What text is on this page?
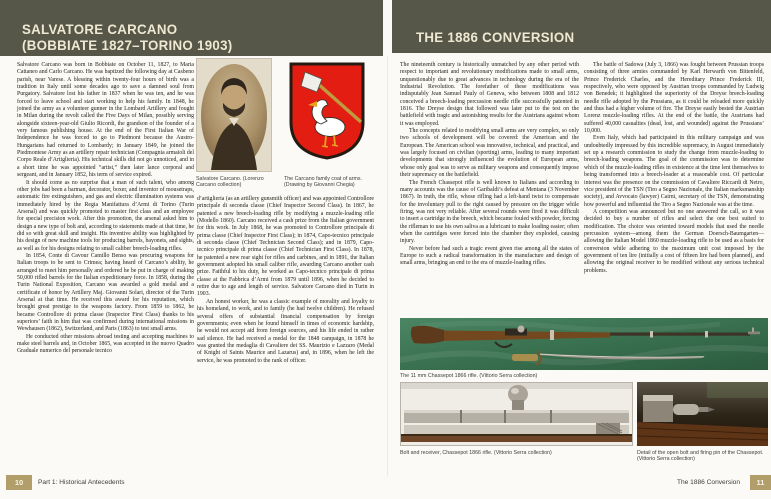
SALVATORE CARCANO
(BOBBIATE 1827–TORINO 1903)	THE 1886 CONVERSION

Salvatore Carcano was born in Bobbiate on October 11, 1827, to Maria Cattaneo and Carlo Carcano. He was baptized the following day at Casbeno parish, near Varese. A blessing within twenty-four hours of birth was a tradition in Italy until some decades ago to save a damned soul from Purgatory. Salvatore lost his father in 1837 when he was ten, and he was forced to leave school and start working to help his family. In 1848, he joined the army as a volunteer gunner in the Lombard Artillery and fought in Milan during the revolt called the Five Days of Milan, possibly serving alongside sixteen-year-old Giulio Ricordi, the grandson of the founder of a very famous publishing house. At the end of the First Italian War of Independence he was forced to go to Piedmont because the Austro-Hungarians had returned to Lombardy; in January 1849, he joined the Piedmontese Army as an artillery repair technician (Compagnia armaioli del Corpo Reale d’Artiglieria). His technical skills did not go unnoticed, and in a short time he was appointed “artist,” then later lance corporal and sergeant, and in January 1852, his term of service expired.

It should come as no surprise that a man of such talent, who among other jobs had been a barman, decorator, boxer, and inventor of mousetraps, automatic fire extinguishers, and gas and electric illumination systems was immediately hired by the Regia Manifattura d’Armi di Torino (Turin Arsenal) and was quickly promoted to master first class and an employee for special precision work. After this promotion, the arsenal asked him to design a new type of bolt and, according to statements made at that time, he did so with great skill and insight. His inventive ability was highlighted by his design of new machine tools for producing barrels, bayonets, and sights, as well as for his designs relating to small caliber breech-loading rifles.

In 1854, Conte di Cavour Camillo Benso was procuring weapons for Italian troops to be sent to Crimea; having heard of Carcano’s ability, he arranged to meet him personally and ordered he be put in charge of making 50,000 rifled barrels for the Italian expeditionary force. In 1858, during the Turin National Exposition, Carcano was awarded a gold medal and a certificate of honor by Artillery Maj. Giovanni Solari, director of the Turin Arsenal at that time. He received this award for his reputation, which brought great prestige to the weapons factory. From 1859 to 1862, he became Controllore di prima classe (Inspector First Class) thanks to his superiors’ faith in him that was confirmed during international missions in Wewhausen (1862), Switzerland, and Paris (1863) to test small arms.

He conducted other missions abroad testing and accepting machines to make steel barrels and, in October 1865, was accepted in the nuovo Quadro Graduale numerico del personale tecnico

Salvatore Carcano. (Lorenzo Carcano collection)
The Carcano family coat of arms. (Drawing by Giovanni Chegia)

d’artiglieria (as an artillery gunsmith officer) and was appointed Controllore principale di seconda classe (Chief Inspector Second Class). In 1867, he patented a new breech-loading rifle by modifying a muzzle-loading rifle (Modello 1860). Carcano received a cash prize from the Italian government for this work. In July 1868, he was promoted to Controllore principale di prima classe (Chief Inspector First Class); in 1874, Capo-tecnico principale di seconda classe (Chief Technician Second Class); and in 1879, Capo-tecnico principale di prima classe (Chief Technician First Class). In 1878, he patented a new rear sight for rifles and carbines, and in 1891, the Italian government adopted his small caliber rifle, awarding Carcano another cash prize. Faithful to his duty, he worked as Capo-tecnico principale di prima classe at the Fabbrica d’Armi from 1879 until 1896, when he decided to retire due to age and length of service. Salvatore Carcano died in Turin in 1903.

An honest worker, he was a classic example of morality and loyalty to his homeland, to work, and to family (he had twelve children). He refused several offers of substantial financial compensation by foreign governments; even when he found himself in times of economic hardship, he would not accept aid from foreign sources, and his life ended in rather sad silence. He had received a medal for the 1848 campaign, in 1878 he was granted the medaglia di Cavaliere dei SS. Maurizio e Lazzaro (Medal of Knight of Saints Maurice and Lazarus) and, in 1896, when he left the service, he was promoted to the rank of officer.

The nineteenth century is historically unmatched by any other period with respect to important and revolutionary modifications made to small arms, unquestionably due to great advances in technology during the era of the Industrial Revolution. The forefather of these modifications was indisputably Jean Samuel Pauly of Geneva, who between 1808 and 1812 conceived a breech-loading percussion needle rifle successfully patented in 1816. The Dreyse design that followed was later put to the test on the battlefield with tragic and astonishing results for the Austrians against whom it was employed.

The concepts related to modifying small arms are very complex, so only two schools of development will be covered: the American and the European. The American school was innovative, technical, and practical, and was largely focused on civilian (sporting) arms, leading to many important developments that strongly influenced the evolution of European arms, whose only goal was to serve as military weapons and consequently impose their supremacy on the battlefield.

The French Chassepot rifle is well known to Italians and according to many accounts was the cause of Garibaldi’s defeat at Mentana (3 November 1867). In truth, the rifle, whose rifling had a left-hand twist to compensate for the involuntary pull to the right caused by pressure on the trigger while firing, was not very reliable. After several rounds were fired it was difficult to insert a cartridge in the breech, which became fouled with powder, forcing the rifleman to use his own saliva as a lubricant to make loading easier; often when the cartridges were forced into the chamber they exploded, causing injury.

Never before had such a tragic event given rise among all the states of Europe to such a radical transformation in the manufacture and design of small arms, bringing an end to the era of muzzle-loading rifles.

The battle of Sadowa (July 3, 1866) was fought between Prussian troops consisting of three armies commanded by Karl Herwarth von Bittenfeld, Prince Frederick Charles, and the Hereditary Prince Frederick III, respectively, who were opposed by Austrian troops commanded by Ludwig von Benedek; it highlighted the superiority of the Dreyse breech-loading needle rifle adopted by the Prussians, as it could be reloaded more quickly and thus had a higher volume of fire. The Dreyse easily bested the Austrian Lorenz muzzle-loading rifles. At the end of the battle, the Austrians had suffered 40,000 casualties (dead, lost, and wounded) against the Prussians’ 10,000.

Even Italy, which had participated in this military campaign and was undoubtedly impressed by this incredible supremacy, in August immediately set up a research commission to study the change from muzzle-loading to breech-loading weapons. The goal of the commission was to determine which of the muzzle-loading rifles in existence at the time lent themselves to being transformed into a breech-loader at a reasonable cost. Of particular interest was the presence on the commission of Cavaliere Riccardi di Netro, vice president of the TSN (Tiro a Segno Nazionale, the Italian marksmanship society), and Avvocato (lawyer) Cairni, secretary of the TSN, demonstrating how powerful and influential the Tiro a Segno Nazionale was at the time.

A competition was announced but no one answered the call, so it was decided to buy a number of rifles and select the one best suited to modification. The choice was oriented toward models that used the needle percussion system—among them the German Doersch-Baumgarten—allowing the Italian Model 1860 muzzle-loading rifle to be used as a basis for conversion while adhering to the maximum unit cost imposed by the government of ten lire (initially a cost of fifteen lire had been planned), and allowing the original receiver to be modified without any serious technical problems.

The 11 mm Chassepot 1866 rifle. (Vittorio Serra collection)
Bolt and receiver, Chassepot 1866 rifle. (Vittorio Serra collection)	Detail of the open bolt and firing pin of the Chassepot. (Vittorio Serra collection)
10	Part 1: Historical Antecedents	The 1886 Conversion	11
